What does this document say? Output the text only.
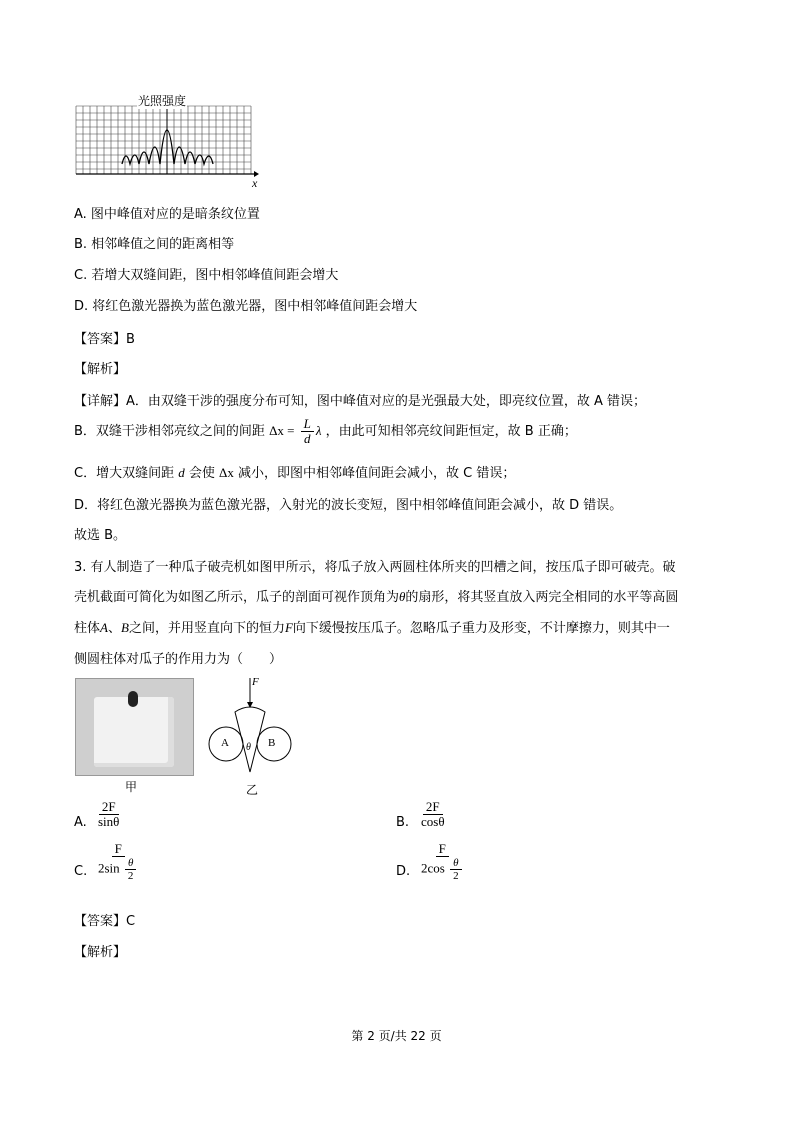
光照强度
x
A. 图中峰值对应的是暗条纹位置
B. 相邻峰值之间的距离相等
C. 若增大双缝间距，图中相邻峰值间距会增大
D. 将红色激光器换为蓝色激光器，图中相邻峰值间距会增大
【答案】B
【解析】
【详解】A．由双缝干涉的强度分布可知，图中峰值对应的是光强最大处，即亮纹位置，故 A 错误；
B．双缝干涉相邻亮纹之间的间距 $\Delta x = \frac{L}{d}$ λ ，由此可知相邻亮纹间距恒定，故 B 正确；
C．增大双缝间距 d 会使 Δx 减小，即图中相邻峰值间距会减小，故 C 错误；
D．将红色激光器换为蓝色激光器，入射光的波长变短，图中相邻峰值间距会减小，故 D 错误。
故选 B。
3. 有人制造了一种瓜子破壳机如图甲所示，将瓜子放入两圆柱体所夹的凹槽之间，按压瓜子即可破壳。破
壳机截面可简化为如图乙所示，瓜子的剖面可视作顶角为θ的扇形，将其竖直放入两完全相同的水平等高圆
柱体A、B之间，并用竖直向下的恒力F向下缓慢按压瓜子。忽略瓜子重力及形变，不计摩擦力，则其中一
侧圆柱体对瓜子的作用力为（　　）
甲
F
A	B
θ
乙
A. $\frac{2F}{\sin\theta}$	B. $\frac{2F}{\cos\theta}$
C. $\frac{F}{2\sin \frac{\theta}{2}}$	D. $\frac{F}{2\cos \frac{\theta}{2}}$
【答案】C
【解析】
第 2 页/共 22 页
